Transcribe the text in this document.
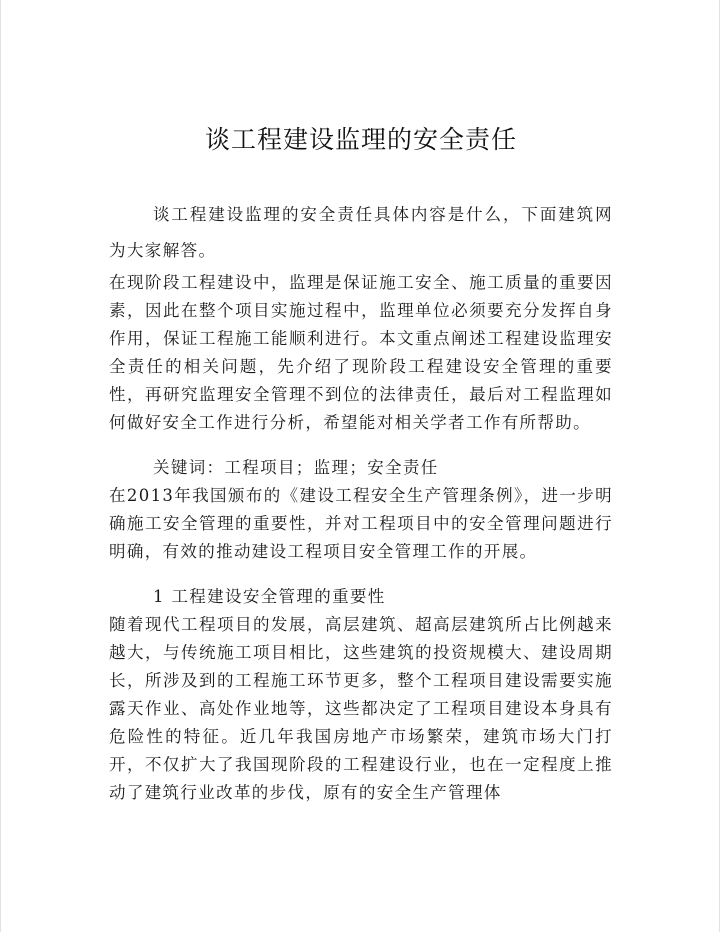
谈工程建设监理的安全责任

谈工程建设监理的安全责任具体内容是什么，下面建筑网为大家解答。

在现阶段工程建设中，监理是保证施工安全、施工质量的重要因素，因此在整个项目实施过程中，监理单位必须要充分发挥自身作用，保证工程施工能顺利进行。本文重点阐述工程建设监理安全责任的相关问题，先介绍了现阶段工程建设安全管理的重要性，再研究监理安全管理不到位的法律责任，最后对工程监理如何做好安全工作进行分析，希望能对相关学者工作有所帮助。

关键词：工程项目；监理；安全责任

在2013年我国颁布的《建设工程安全生产管理条例》，进一步明确施工安全管理的重要性，并对工程项目中的安全管理问题进行明确，有效的推动建设工程项目安全管理工作的开展。

1 工程建设安全管理的重要性

随着现代工程项目的发展，高层建筑、超高层建筑所占比例越来越大，与传统施工项目相比，这些建筑的投资规模大、建设周期长，所涉及到的工程施工环节更多，整个工程项目建设需要实施露天作业、高处作业地等，这些都决定了工程项目建设本身具有危险性的特征。近几年我国房地产市场繁荣，建筑市场大门打开，不仅扩大了我国现阶段的工程建设行业，也在一定程度上推动了建筑行业改革的步伐，原有的安全生产管理体
